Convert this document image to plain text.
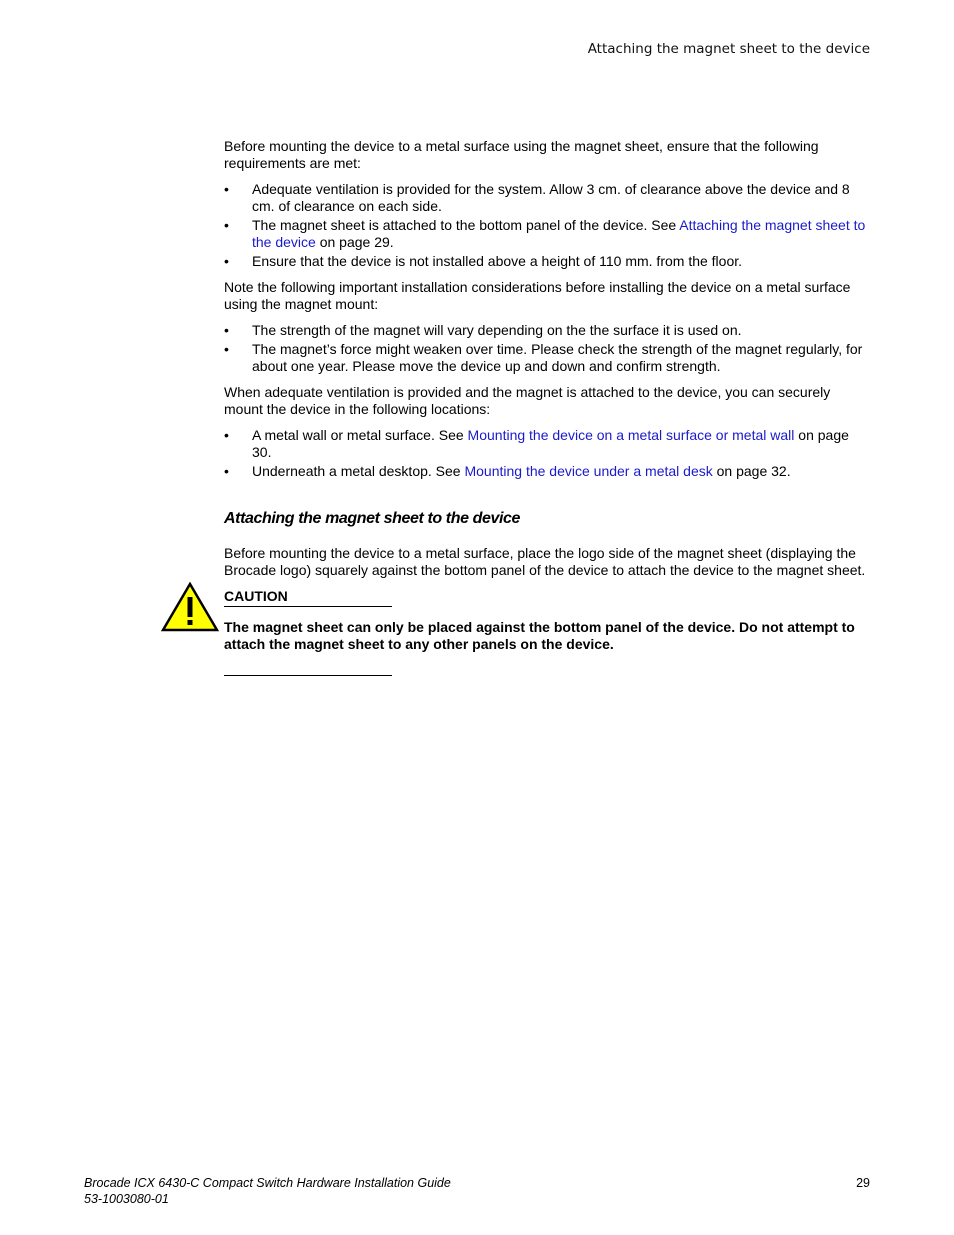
Attaching the magnet sheet to the device

Before mounting the device to a metal surface using the magnet sheet, ensure that the following requirements are met:

• Adequate ventilation is provided for the system. Allow 3 cm. of clearance above the device and 8 cm. of clearance on each side.
• The magnet sheet is attached to the bottom panel of the device. See Attaching the magnet sheet to the device on page 29.
• Ensure that the device is not installed above a height of 110 mm. from the floor.

Note the following important installation considerations before installing the device on a metal surface using the magnet mount:

• The strength of the magnet will vary depending on the the surface it is used on.
• The magnet’s force might weaken over time. Please check the strength of the magnet regularly, for about one year. Please move the device up and down and confirm strength.

When adequate ventilation is provided and the magnet is attached to the device, you can securely mount the device in the following locations:

• A metal wall or metal surface. See Mounting the device on a metal surface or metal wall on page 30.
• Underneath a metal desktop. See Mounting the device under a metal desk on page 32.
Attaching the magnet sheet to the device

Before mounting the device to a metal surface, place the logo side of the magnet sheet (displaying the Brocade logo) squarely against the bottom panel of the device to attach the device to the magnet sheet.

CAUTION

The magnet sheet can only be placed against the bottom panel of the device. Do not attempt to attach the magnet sheet to any other panels on the device.

Brocade ICX 6430-C Compact Switch Hardware Installation Guide
53-1003080-01
29
